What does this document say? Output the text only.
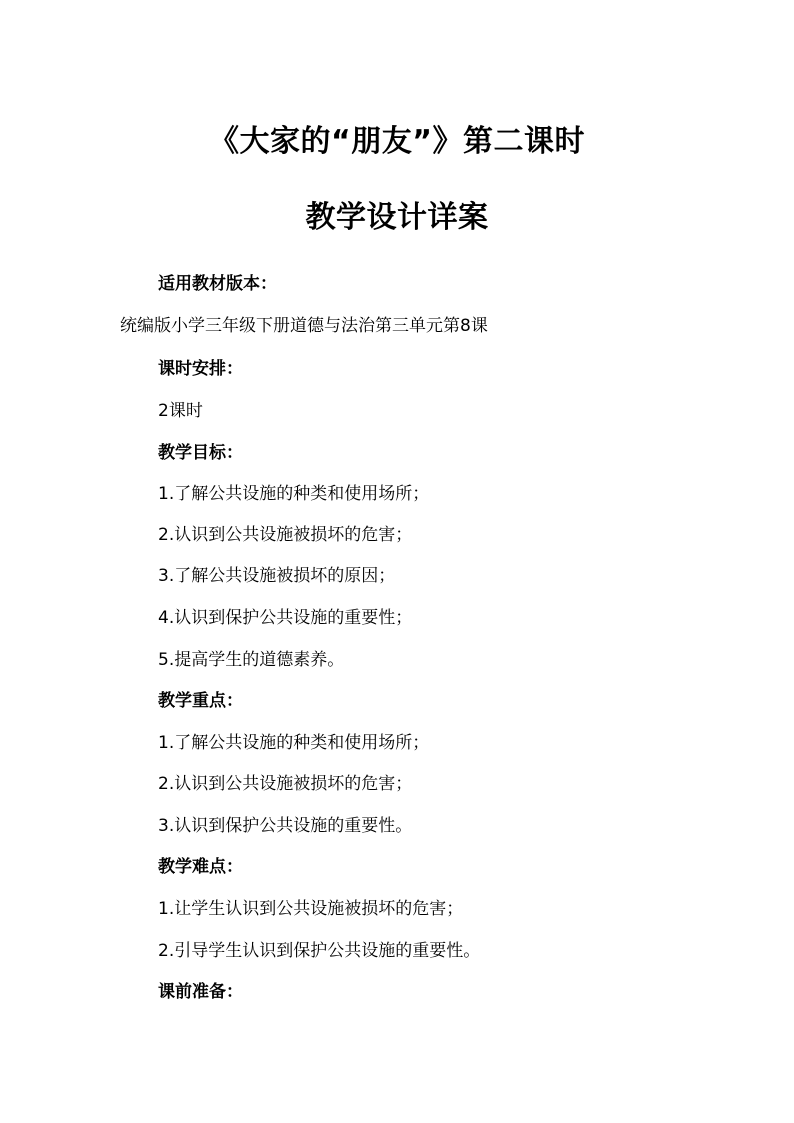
《大家的“朋友”》第二课时
教学设计详案
适用教材版本：
统编版小学三年级下册道德与法治第三单元第8课
课时安排：
2课时
教学目标：
1.了解公共设施的种类和使用场所；
2.认识到公共设施被损坏的危害；
3.了解公共设施被损坏的原因；
4.认识到保护公共设施的重要性；
5.提高学生的道德素养。
教学重点：
1.了解公共设施的种类和使用场所；
2.认识到公共设施被损坏的危害；
3.认识到保护公共设施的重要性。
教学难点：
1.让学生认识到公共设施被损坏的危害；
2.引导学生认识到保护公共设施的重要性。
课前准备：
